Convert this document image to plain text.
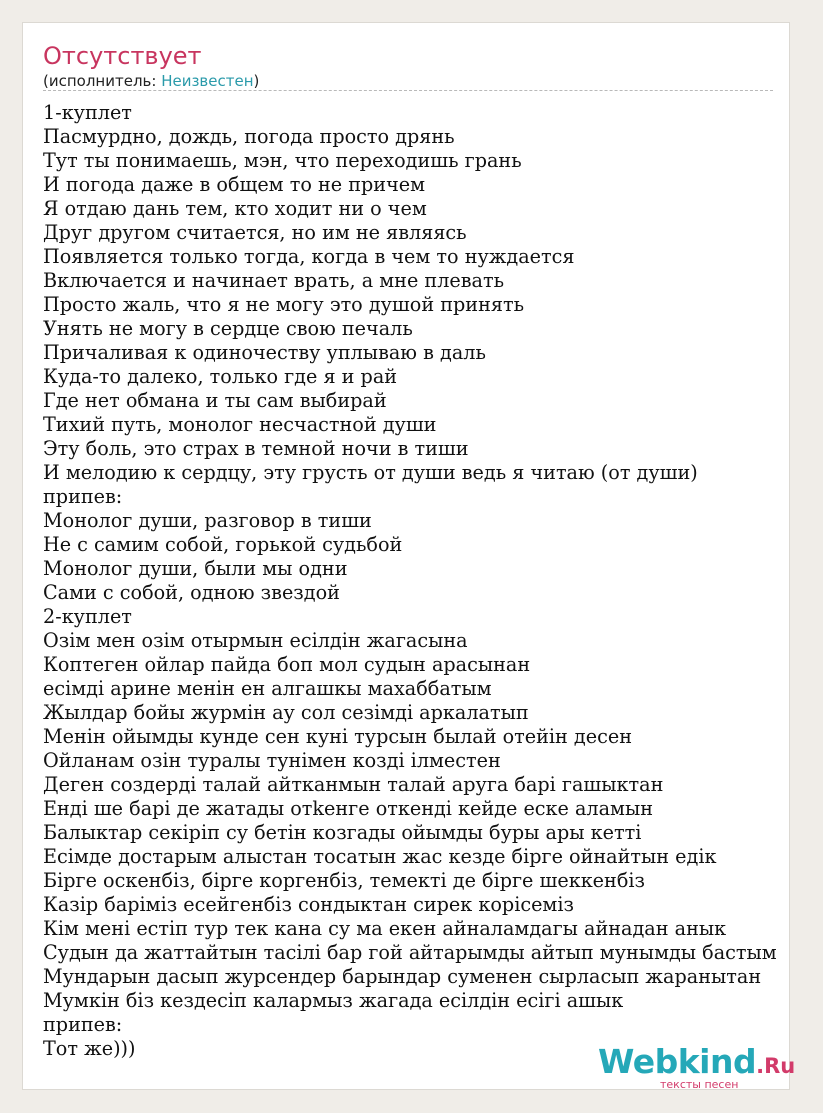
Отсутствует
(исполнитель: Неизвестен)
1-куплет
Пасмурдно, дождь, погода просто дрянь
Тут ты понимаешь, мэн, что переходишь грань
И погода даже в общем то не причем
Я отдаю дань тем, кто ходит ни о чем
Друг другом считается, но им не являясь
Появляется только тогда, когда в чем то нуждается
Включается и начинает врать, а мне плевать
Просто жаль, что я не могу это душой принять
Унять не могу в сердце свою печаль
Причаливая к одиночеству уплываю в даль
Куда-то далеко, только где я и рай
Где нет обмана и ты сам выбирай
Тихий путь, монолог несчастной души
Эту боль, это страх в темной ночи в тиши
И мелодию к сердцу, эту грусть от души ведь я читаю (от души)
припев:
Монолог души, разговор в тиши
Не с самим собой, горькой судьбой
Монолог души, были мы одни
Сами с собой, одною звездой
2-куплет
Озім мен озім отырмын есілдін жагасына
Коптеген ойлар пайда боп мол судын арасынан
есімді арине менін ен алгашкы махаббатым
Жылдар бойы журмін ау сол сезімді аркалатып
Менін ойымды кунде сен куні турсын былай отейін десен
Ойланам озін туралы тунімен козді ілместен
Деген создерді талай айтканмын талай аруга барі гашыктан
Енді ше барі де жатады отkенге откенді кейде еске аламын
Балыктар секіріп су бетін козгады ойымды буры ары кетті
Есімде достарым алыстан тосатын жас кезде бірге ойнайтын едік
Бірге оскенбіз, бірге коргенбіз, темекті де бірге шеккенбіз
Казір баріміз есейгенбіз сондыктан сирек корісеміз
Кім мені естіп тур тек кана су ма екен айналамдагы айнадан анык
Судын да жаттайтын тасілі бар гой айтарымды айтып мунымды бастым
Мундарын дасып журсендер барындар сумeнен сырласып жаранытан
Мумкін біз кездесіп калармыз жагада есілдін есігі ашык
припев:
Тот же)))	Webkind.Ru
тексты песен
